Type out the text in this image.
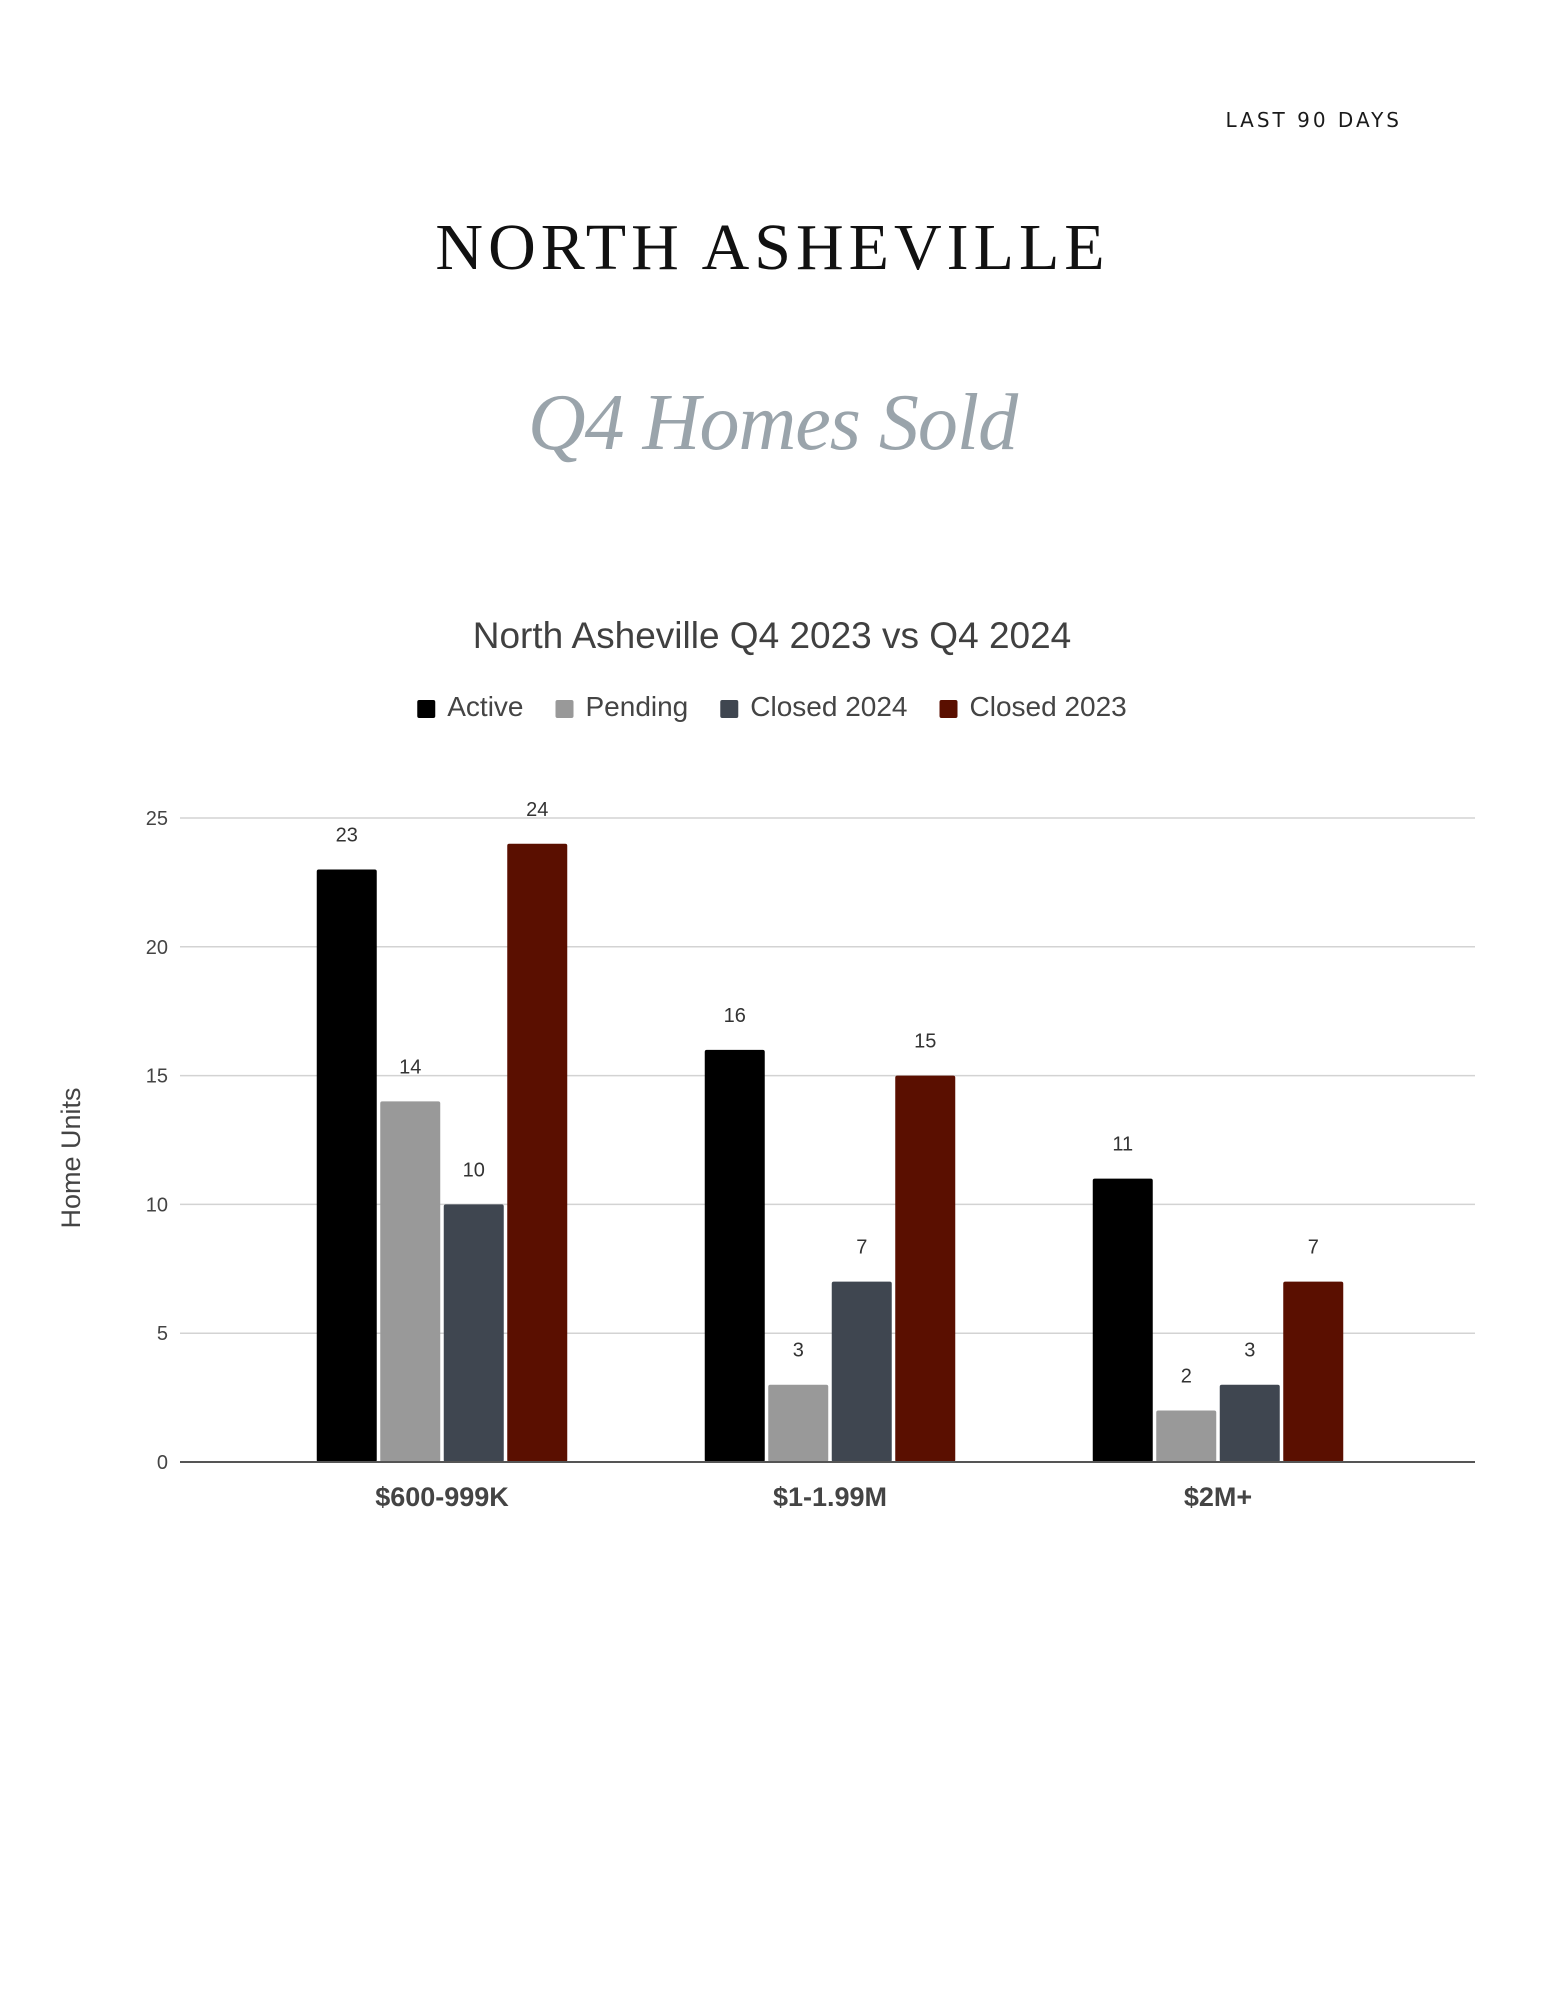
LAST 90 DAYS
NORTH ASHEVILLE
Q4 Homes Sold
North Asheville Q4 2023 vs Q4 2024
Active Pending Closed 2024 Closed 2023
0
5
10
15
20
25
23
14
10
24
16
3
7
15
11
2
3
7
$600-999K	$1-1.99M	$2M+
Home Units
